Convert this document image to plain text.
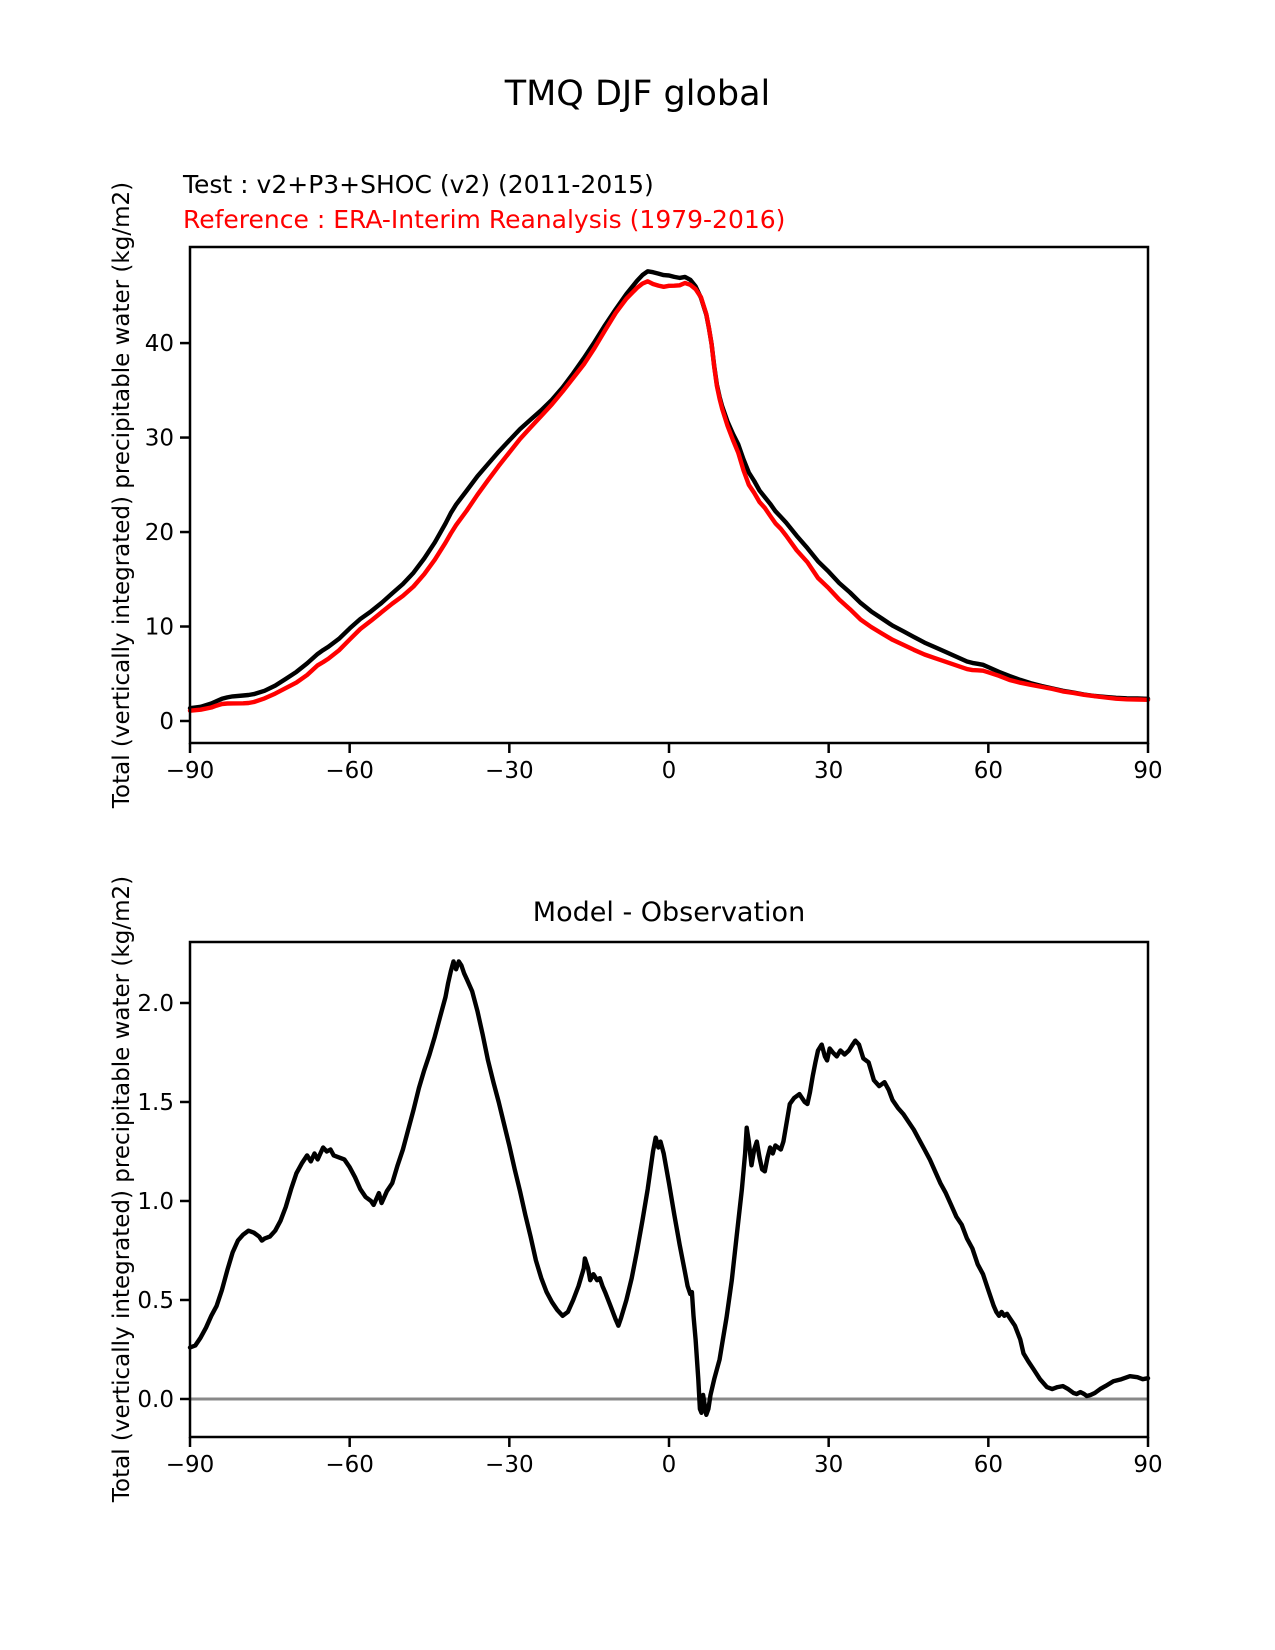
−90	−60	−30	0	30	60	90
0
10
20
30
40
−90	−60	−30	0	30	60	90
0.0
0.5
1.0
1.5
2.0
TMQ DJF global
Test : v2+P3+SHOC (v2) (2011-2015)
Reference : ERA-Interim Reanalysis (1979-2016)
Total (vertically integrated) precipitable water (kg/m2)
Model - Observation
Total (vertically integrated) precipitable water (kg/m2)
